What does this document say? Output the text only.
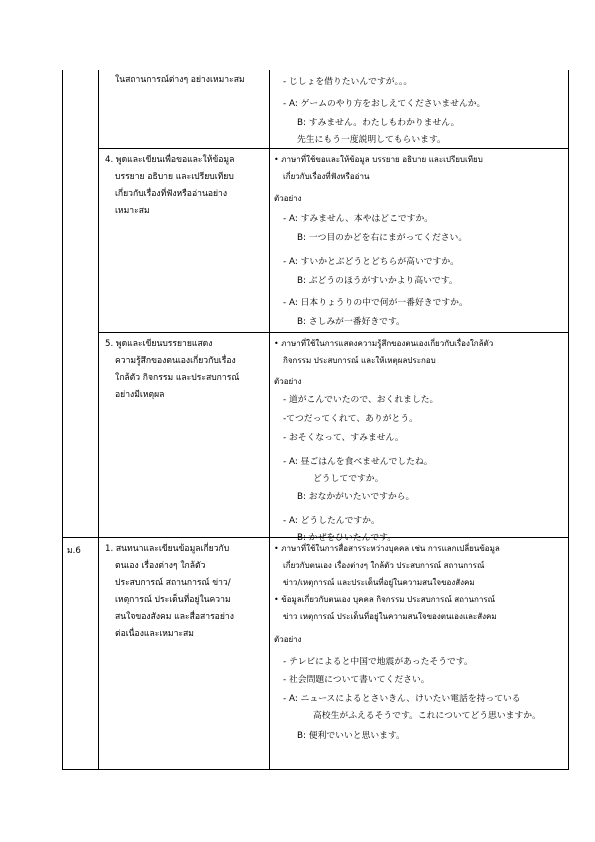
ในสถานการณ์ต่างๆ อย่างเหมาะสม	- じしょを借りたいんですが。。。
- A: ゲームのやり方をおしえてくださいませんか。
B: すみません。わたしもわかりません。
先生にもう一度説明してもらいます。
4. พูดและเขียนเพื่อขอและให้ข้อมูล
บรรยาย อธิบาย และเปรียบเทียบ
เกี่ยวกับเรื่องที่ฟังหรืออ่านอย่าง
เหมาะสม
• ภาษาที่ใช้ขอและให้ข้อมูล บรรยาย อธิบาย และเปรียบเทียบ
เกี่ยวกับเรื่องที่ฟังหรืออ่าน
ตัวอย่าง
- A: すみません、本やはどこですか。
B: 一つ目のかどを右にまがってください。
- A: すいかとぶどうとどちらが高いですか。
B: ぶどうのほうがすいかより高いです。
- A: 日本りょうりの中で何が一番好きですか。
B: さしみが一番好きです。
5. พูดและเขียนบรรยายแสดง
ความรู้สึกของตนเองเกี่ยวกับเรื่อง
ใกล้ตัว กิจกรรม และประสบการณ์
อย่างมีเหตุผล
• ภาษาที่ใช้ในการแสดงความรู้สึกของตนเองเกี่ยวกับเรื่องใกล้ตัว
กิจกรรม ประสบการณ์ และให้เหตุผลประกอบ
ตัวอย่าง
- 道がこんでいたので、おくれました。
-てつだってくれて、ありがとう。
- おそくなって、すみません。
- A: 昼ごはんを食べませんでしたね。
どうしてですか。
B: おなかがいたいですから。
- A: どうしたんですか。
B: かぜをひいたんです。
ม.6	1. สนทนาและเขียนข้อมูลเกี่ยวกับ
ตนเอง เรื่องต่างๆ ใกล้ตัว
ประสบการณ์ สถานการณ์ ข่าว/
เหตุการณ์ ประเด็นที่อยู่ในความ
สนใจของสังคม และสื่อสารอย่าง
ต่อเนื่องและเหมาะสม
• ภาษาที่ใช้ในการสื่อสารระหว่างบุคคล เช่น การแลกเปลี่ยนข้อมูล
เกี่ยวกับตนเอง เรื่องต่างๆ ใกล้ตัว ประสบการณ์ สถานการณ์
ข่าว/เหตุการณ์ และประเด็นที่อยู่ในความสนใจของสังคม
• ข้อมูลเกี่ยวกับตนเอง บุคคล กิจกรรม ประสบการณ์ สถานการณ์
ข่าว เหตุการณ์ ประเด็นที่อยู่ในความสนใจของตนเองและสังคม
ตัวอย่าง
- テレビによると中国で地震があったそうです。
- 社会問題について書いてください。
- A: ニュースによるとさいきん、けいたい電話を持っている
高校生がふえるそうです。これについてどう思いますか。
B: 便利でいいと思います。
